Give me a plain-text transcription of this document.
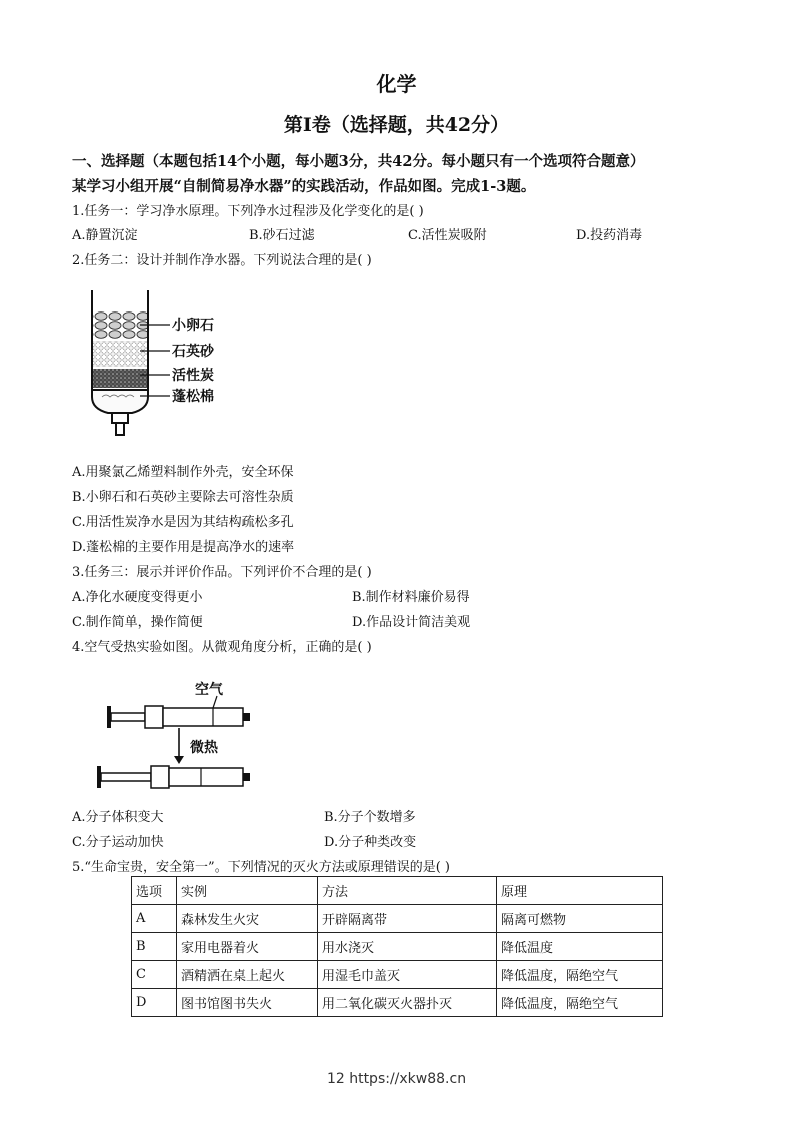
化学
第I卷（选择题，共42分）
一、选择题（本题包括14个小题，每小题3分，共42分。每小题只有一个选项符合题意）
某学习小组开展“自制简易净水器”的实践活动，作品如图。完成1-3题。
1.任务一：学习净水原理。下列净水过程涉及化学变化的是( )
A.静置沉淀	B.砂石过滤	C.活性炭吸附	D.投药消毒
2.任务二：设计并制作净水器。下列说法合理的是( )
小卵石
石英砂
活性炭
蓬松棉
A.用聚氯乙烯塑料制作外壳，安全环保
B.小卵石和石英砂主要除去可溶性杂质
C.用活性炭净水是因为其结构疏松多孔
D.蓬松棉的主要作用是提高净水的速率
3.任务三：展示并评价作品。下列评价不合理的是( )
A.净化水硬度变得更小	B.制作材料廉价易得
C.制作简单，操作简便	D.作品设计简洁美观
4.空气受热实验如图。从微观角度分析，正确的是( )
空气
微热
A.分子体积变大	B.分子个数增多
C.分子运动加快	D.分子种类改变
5.“生命宝贵，安全第一”。下列情况的灭火方法或原理错误的是( )
选项	实例	方法	原理
A	森林发生火灾	开辟隔离带	隔离可燃物
B	家用电器着火	用水浇灭	降低温度
C	酒精洒在桌上起火	用湿毛巾盖灭	降低温度，隔绝空气
D	图书馆图书失火	用二氧化碳灭火器扑灭	降低温度，隔绝空气
12 https://xkw88.cn
